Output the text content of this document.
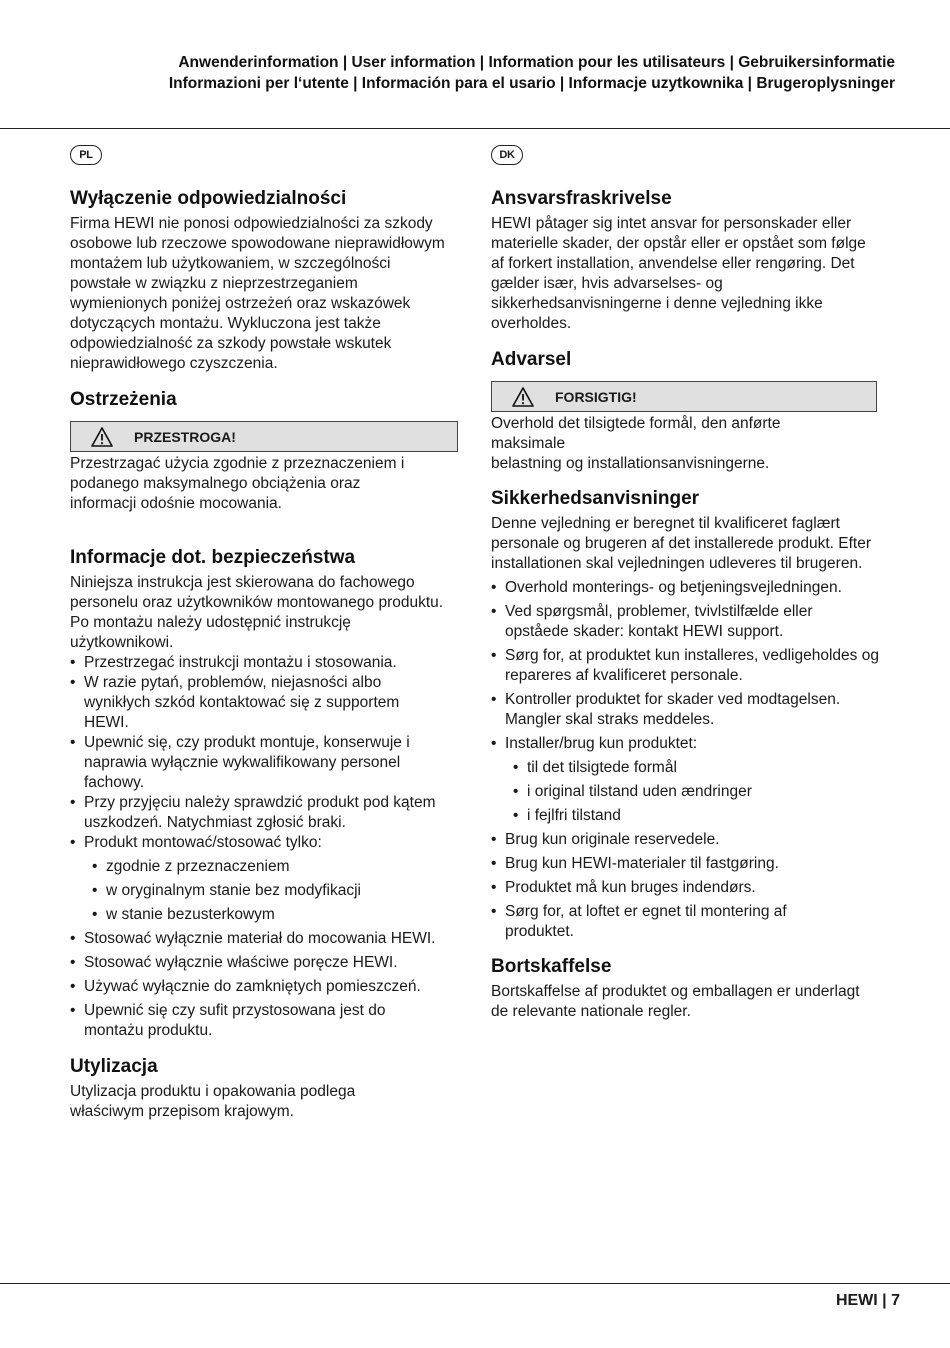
Anwenderinformation | User information | Information pour les utilisateurs | Gebruikersinformatie
Informazioni per l‘utente | Información para el usario | Informacje uzytkownika | Brugeroplysninger
PL
Wyłączenie odpowiedzialności

Firma HEWI nie ponosi odpowiedzialności za szkody osobowe lub rzeczowe spowodowane nieprawidłowym montażem lub użytkowaniem, w szczególności powstałe w związku z nieprzestrzeganiem wymienionych poniżej ostrzeżeń oraz wskazówek dotyczących montażu. Wykluczona jest także odpowiedzialność za szkody powstałe wskutek nieprawidłowego czyszczenia.

Ostrzeżenia
PRZESTROGA!

Przestrzagać użycia zgodnie z przeznaczeniem i podanego maksymalnego obciążenia oraz informacji odośnie mocowania.

Informacje dot. bezpieczeństwa

Niniejsza instrukcja jest skierowana do fachowego personelu oraz użytkowników montowanego produktu. Po montażu należy udostępnić instrukcję użytkownikowi.

• Przestrzegać instrukcji montażu i stosowania.
• W razie pytań, problemów, niejasności albo wynikłych szkód kontaktować się z supportem HEWI.
• Upewnić się, czy produkt montuje, konserwuje i naprawia wyłącznie wykwalifikowany personel fachowy.
• Przy przyjęciu należy sprawdzić produkt pod kątem uszkodzeń. Natychmiast zgłosić braki.
• Produkt montować/stosować tylko:
• zgodnie z przeznaczeniem
• w oryginalnym stanie bez modyfikacji
• w stanie bezusterkowym
• Stosować wyłącznie materiał do mocowania HEWI.
• Stosować wyłącznie właściwe poręcze HEWI.
• Używać wyłącznie do zamkniętych pomieszczeń.
• Upewnić się czy sufit przystosowana jest do montażu produktu.
Utylizacja

Utylizacja produktu i opakowania podlega właściwym przepisom krajowym.

DK
Ansvarsfraskrivelse

HEWI påtager sig intet ansvar for personskader eller materielle skader, der opstår eller er opstået som følge af forkert installation, anvendelse eller rengøring. Det gælder især, hvis advarselses- og sikkerhedsanvisningerne i denne vejledning ikke overholdes.

Advarsel
FORSIGTIG!

Overhold det tilsigtede formål, den anførte maksimale
belastning og installationsanvisningerne.

Sikkerhedsanvisninger

Denne vejledning er beregnet til kvalificeret faglært personale og brugeren af det installerede produkt. Efter installationen skal vejledningen udleveres til brugeren.

• Overhold monterings- og betjeningsvejledningen.
• Ved spørgsmål, problemer, tvivlstilfælde eller opståede skader: kontakt HEWI support.
• Sørg for, at produktet kun installeres, vedligeholdes og repareres af kvalificeret personale.
• Kontroller produktet for skader ved modtagelsen. Mangler skal straks meddeles.
• Installer/brug kun produktet:
• til det tilsigtede formål
• i original tilstand uden ændringer
• i fejlfri tilstand
• Brug kun originale reservedele.
• Brug kun HEWI-materialer til fastgøring.
• Produktet må kun bruges indendørs.
• Sørg for, at loftet er egnet til montering af produktet.
Bortskaffelse

Bortskaffelse af produktet og emballagen er underlagt de relevante nationale regler.

HEWI | 7
